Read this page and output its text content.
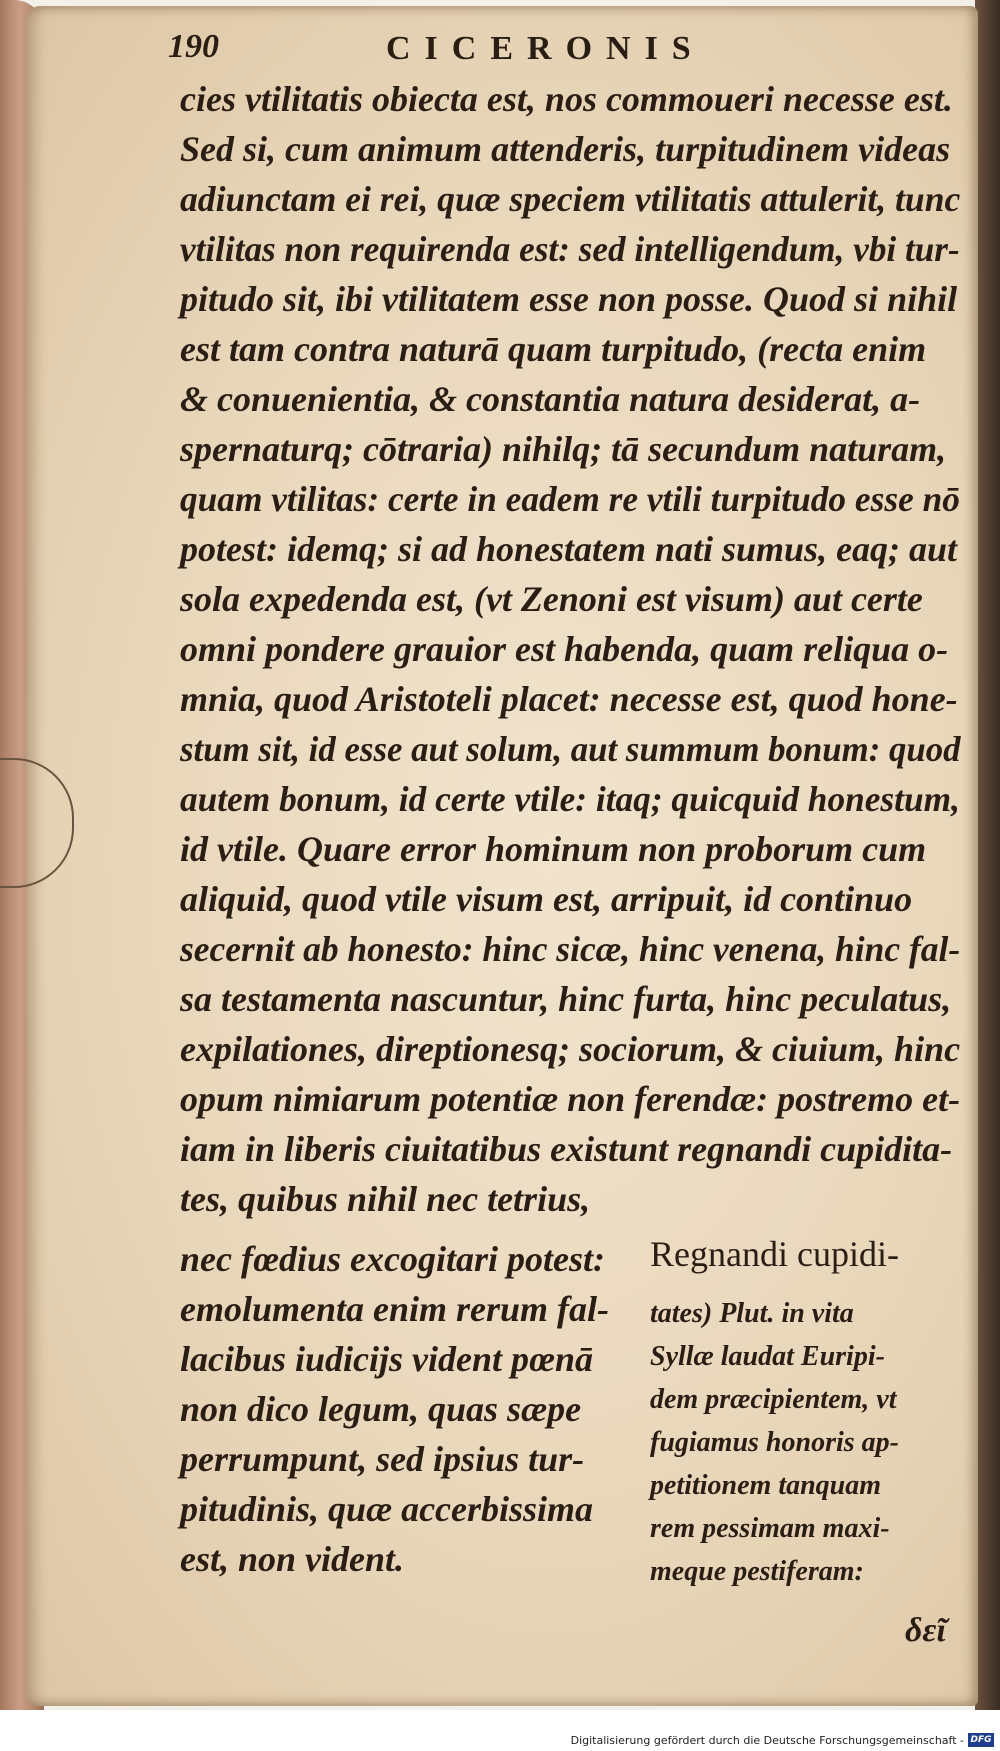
190	CICERONIS
cies vtilitatis obiecta est, nos commoueri necesse est.
Sed si, cum animum attenderis, turpitudinem videas
adiunctam ei rei, quæ speciem vtilitatis attulerit, tunc
vtilitas non requirenda est: sed intelligendum, vbi tur-
pitudo sit, ibi vtilitatem esse non posse. Quod si nihil
est tam contra naturā quam turpitudo, (recta enim
& conuenientia, & constantia natura desiderat, a-
spernaturq; cōtraria) nihilq; tā secundum naturam,
quam vtilitas: certe in eadem re vtili turpitudo esse nō
potest: idemq; si ad honestatem nati sumus, eaq; aut
sola expedenda est, (vt Zenoni est visum) aut certe
omni pondere grauior est habenda, quam reliqua o-
mnia, quod Aristoteli placet: necesse est, quod hone-
stum sit, id esse aut solum, aut summum bonum: quod
autem bonum, id certe vtile: itaq; quicquid honestum,
id vtile. Quare error hominum non proborum cum
aliquid, quod vtile visum est, arripuit, id continuo
secernit ab honesto: hinc sicæ, hinc venena, hinc fal-
sa testamenta nascuntur, hinc furta, hinc peculatus,
expilationes, direptionesq; sociorum, & ciuium, hinc
opum nimiarum potentiæ non ferendæ: postremo et-
iam in liberis ciuitatibus existunt regnandi cupidita-
tes, quibus nihil nec tetrius,
nec fœdius excogitari potest:
emolumenta enim rerum fal-
lacibus iudicijs vident pœnā
non dico legum, quas sæpe
perrumpunt, sed ipsius tur-
pitudinis, quæ accerbissima
est, non vident.
Regnandi cupidi-
tates) Plut. in vita
Syllæ laudat Euripi-
dem præcipientem, vt
fugiamus honoris ap-
petitionem tanquam
rem pessimam maxi-
meque pestiferam:
δεῖ
Digitalisierung gefördert durch die Deutsche Forschungsgemeinschaft - DFG
